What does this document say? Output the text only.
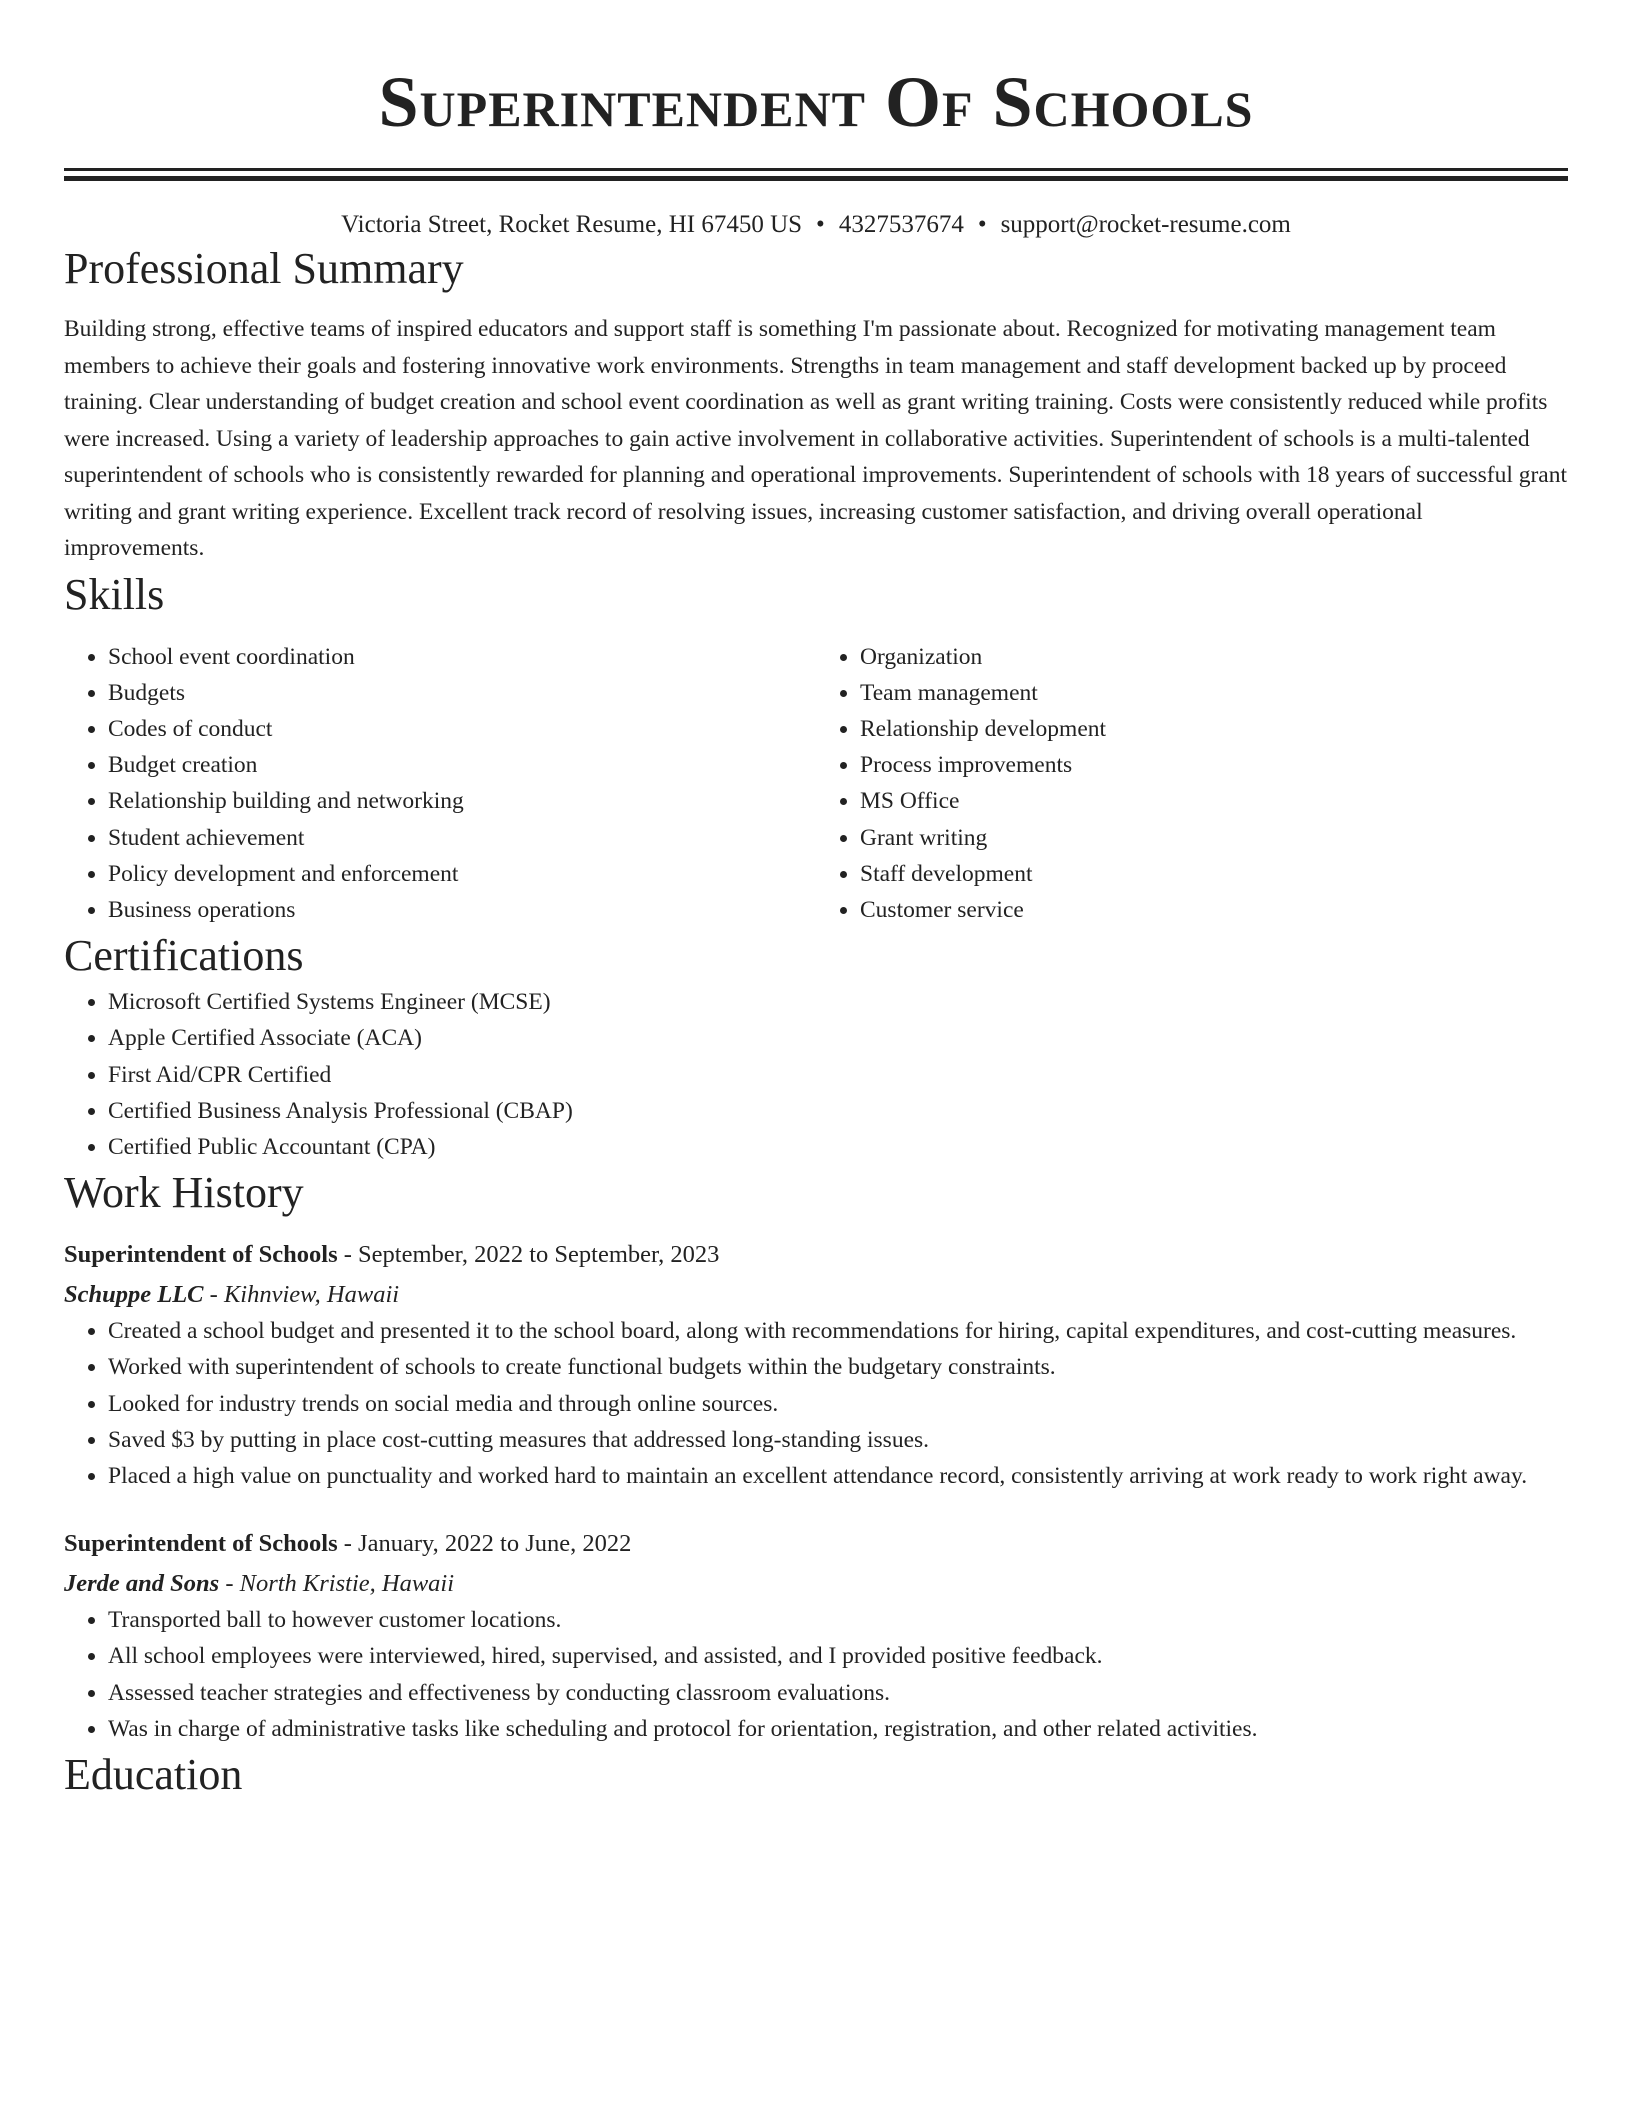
Superintendent Of Schools
Victoria Street, Rocket Resume, HI 67450 US • 4327537674 • support@rocket-resume.com
Professional Summary

Building strong, effective teams of inspired educators and support staff is something I'm passionate about. Recognized for motivating management team members to achieve their goals and fostering innovative work environments. Strengths in team management and staff development backed up by proceed training. Clear understanding of budget creation and school event coordination as well as grant writing training. Costs were consistently reduced while profits were increased. Using a variety of leadership approaches to gain active involvement in collaborative activities. Superintendent of schools is a multi-talented superintendent of schools who is consistently rewarded for planning and operational improvements. Superintendent of schools with 18 years of successful grant writing and grant writing experience. Excellent track record of resolving issues, increasing customer satisfaction, and driving overall operational improvements.

Skills
• School event coordination
• Budgets
• Codes of conduct
• Budget creation
• Relationship building and networking
• Student achievement
• Policy development and enforcement
• Business operations
• Organization
• Team management
• Relationship development
• Process improvements
• MS Office
• Grant writing
• Staff development
• Customer service
Certifications
• Microsoft Certified Systems Engineer (MCSE)
• Apple Certified Associate (ACA)
• First Aid/CPR Certified
• Certified Business Analysis Professional (CBAP)
• Certified Public Accountant (CPA)
Work History
Superintendent of Schools - September, 2022 to September, 2023
Schuppe LLC - Kihnview, Hawaii
• Created a school budget and presented it to the school board, along with recommendations for hiring, capital expenditures, and cost-cutting measures.
• Worked with superintendent of schools to create functional budgets within the budgetary constraints.
• Looked for industry trends on social media and through online sources.
• Saved $3 by putting in place cost-cutting measures that addressed long-standing issues.
• Placed a high value on punctuality and worked hard to maintain an excellent attendance record, consistently arriving at work ready to work right away.
Superintendent of Schools - January, 2022 to June, 2022
Jerde and Sons - North Kristie, Hawaii
• Transported ball to however customer locations.
• All school employees were interviewed, hired, supervised, and assisted, and I provided positive feedback.
• Assessed teacher strategies and effectiveness by conducting classroom evaluations.
• Was in charge of administrative tasks like scheduling and protocol for orientation, registration, and other related activities.
Education
